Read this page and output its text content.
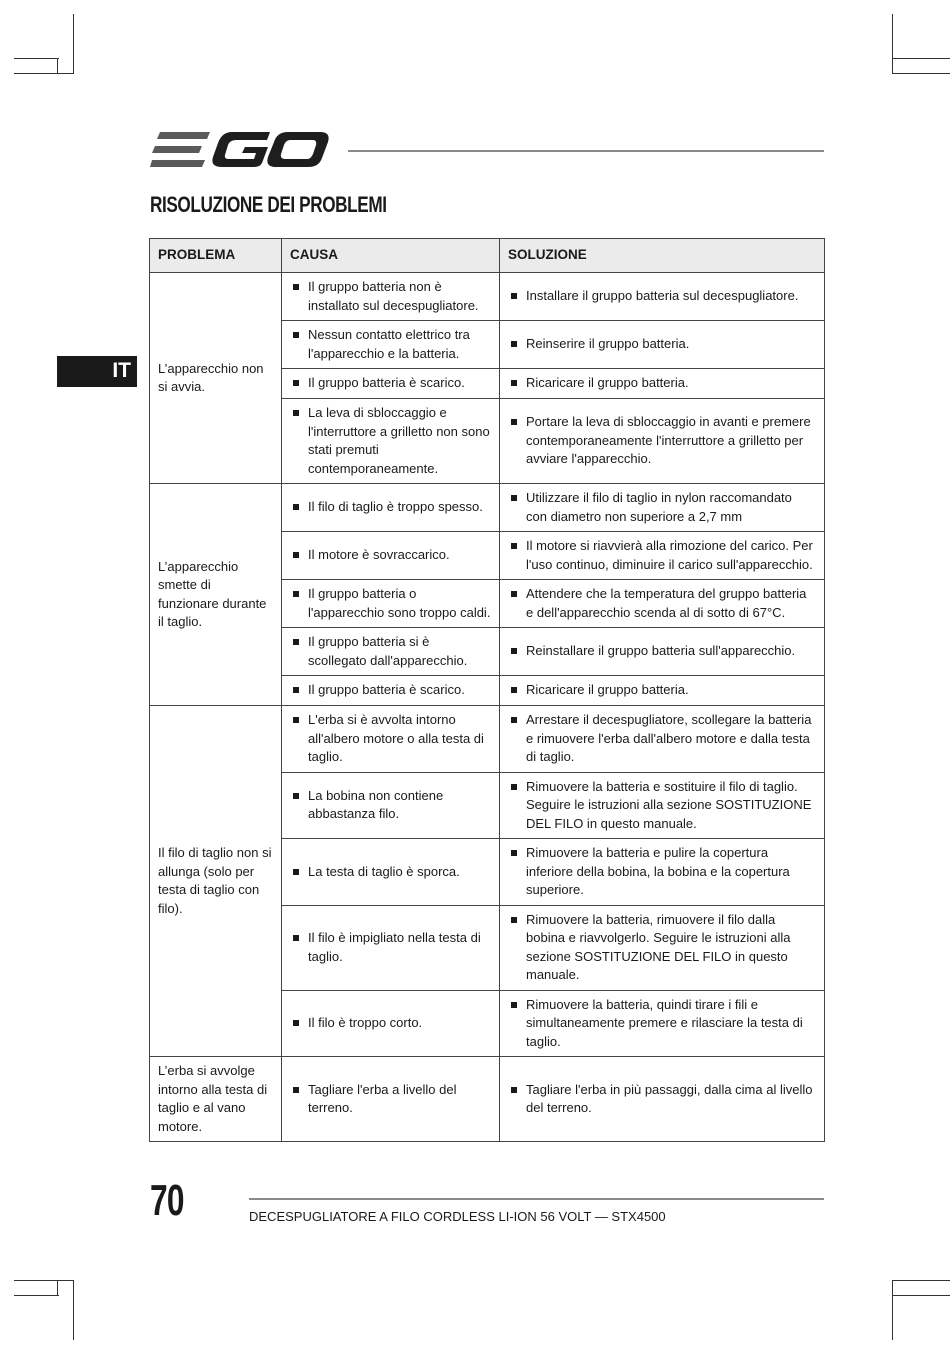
RISOLUZIONE DEI PROBLEMI
IT
PROBLEMA	CAUSA	SOLUZIONE
L’apparecchio non si avvia.	Il gruppo batteria non è installato sul decespugliatore.	Installare il gruppo batteria sul decespugliatore.

	Nessun contatto elettrico tra l'apparecchio e la batteria.	Reinserire il gruppo batteria.

	Il gruppo batteria è scarico.	Ricaricare il gruppo batteria.

	La leva di sbloccaggio e l'interruttore a grilletto non sono stati premuti contemporaneamente.	Portare la leva di sbloccaggio in avanti e premere contemporaneamente l'interruttore a grilletto per avviare l'apparecchio.

L’apparecchio smette di funzionare durante il taglio.	Il filo di taglio è troppo spesso.	Utilizzare il filo di taglio in nylon raccomandato con diametro non superiore a 2,7 mm

	Il motore è sovraccarico.	Il motore si riavvierà alla rimozione del carico. Per l'uso continuo, diminuire il carico sull'apparecchio.

	Il gruppo batteria o l'apparecchio sono troppo caldi.	Attendere che la temperatura del gruppo batteria e dell'apparecchio scenda al di sotto di 67°C.

	Il gruppo batteria si è scollegato dall'apparecchio.	Reinstallare il gruppo batteria sull'apparecchio.

	Il gruppo batteria è scarico.	Ricaricare il gruppo batteria.

Il filo di taglio non si allunga (solo per testa di taglio con filo).	L'erba si è avvolta intorno all'albero motore o alla testa di taglio.	Arrestare il decespugliatore, scollegare la batteria e rimuovere l'erba dall'albero motore e dalla testa di taglio.

	La bobina non contiene abbastanza filo.	Rimuovere la batteria e sostituire il filo di taglio. Seguire le istruzioni alla sezione SOSTITUZIONE DEL FILO in questo manuale.

	La testa di taglio è sporca.	Rimuovere la batteria e pulire la copertura inferiore della bobina, la bobina e la copertura superiore.

	Il filo è impigliato nella testa di taglio.	Rimuovere la batteria, rimuovere il filo dalla bobina e riavvolgerlo. Seguire le istruzioni alla sezione SOSTITUZIONE DEL FILO in questo manuale.

	Il filo è troppo corto.	Rimuovere la batteria, quindi tirare i fili e simultaneamente premere e rilasciare la testa di taglio.

L’erba si avvolge intorno alla testa di taglio e al vano motore.	Tagliare l'erba a livello del terreno.	Tagliare l'erba in più passaggi, dalla cima al livello del terreno.
70	DECESPUGLIATORE A FILO CORDLESS LI-ION 56 VOLT — STX4500
